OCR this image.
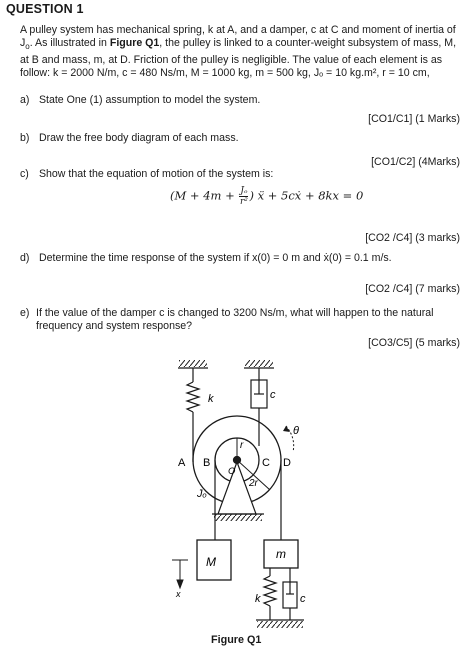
QUESTION 1
A pulley system has mechanical spring, k at A, and a damper, c at C and moment of inertia of
$J_o$. As illustrated in Figure Q1, the pulley is linked to a counter-weight subsystem of mass, M,
at B and mass, m, at D. Friction of the pulley is negligible. The value of each element is as
follow: k = 2000 N/m, c = 480 Ns/m, M = 1000 kg, m = 500 kg, Jₒ = 10 kg.m², r = 10 cm,
a) State One (1) assumption to model the system.
[CO1/C1] (1 Marks)
b) Draw the free body diagram of each mass.
[CO1/C2] (4Marks)
c) Show that the equation of motion of the system is:
($M + 4m + \frac{\text{Jₒ}}{\text{r²}}$ ) ẍ + 5cẋ + 8kx = 0
[CO2 /C4] (3 marks)
d) Determine the time response of the system if x(0) = 0 m and ẋ(0) = 0.1 m/s.
[CO2 /C4] (7 marks)
e) If the value of the damper c is changed to 3200 Ns/m, what will happen to the natural
frequency and system response?
[CO3/C5] (5 marks)
k	c
r
2r
O
θ
A B	C D
Jₒ
M
x
m
k	c
Figure Q1
